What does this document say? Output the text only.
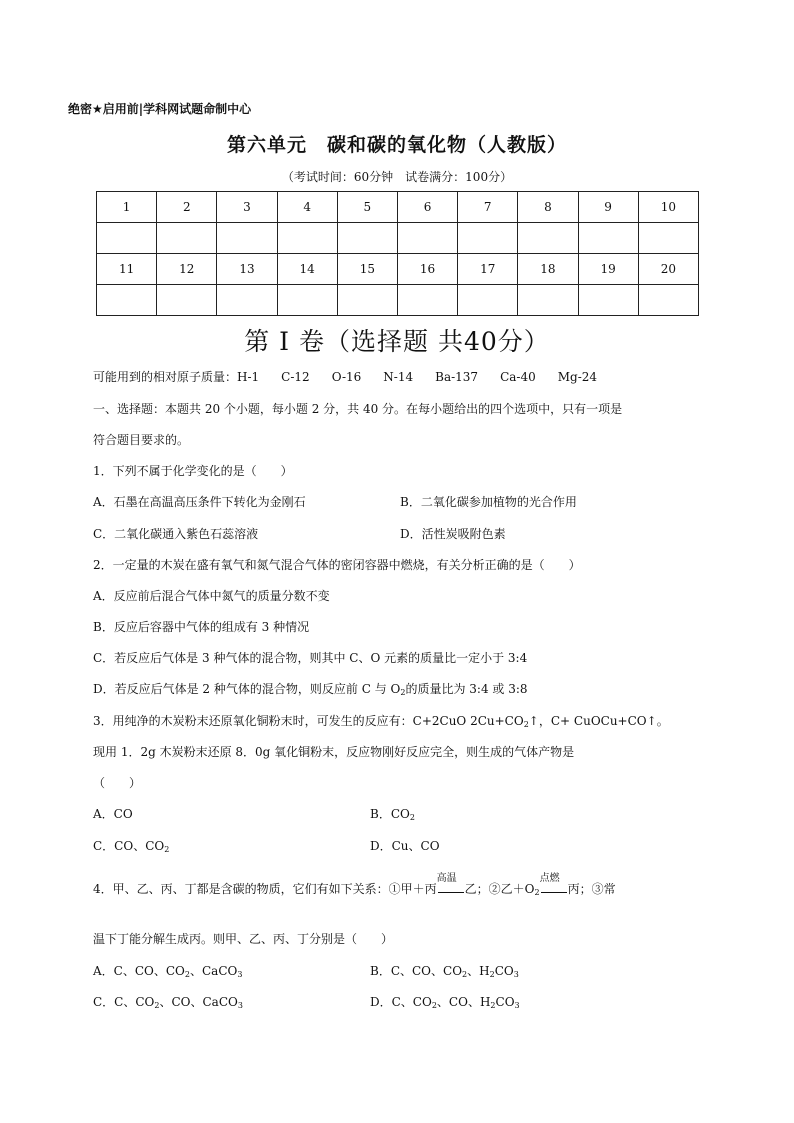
绝密★启用前|学科网试题命制中心
第六单元　碳和碳的氧化物（人教版）
（考试时间：60分钟　试卷满分：100分）
1	2	3	4	5	6	7	8	9	10

11	12	13	14	15	16	17	18	19	20

第 I 卷（选择题 共40分）
可能用到的相对原子质量：H-1 C-12 O-16 N-14 Ba-137 Ca-40 Mg-24
一、选择题：本题共 20 个小题，每小题 2 分，共 40 分。在每小题给出的四个选项中，只有一项是
符合题目要求的。
1．下列不属于化学变化的是（　　）
A．石墨在高温高压条件下转化为金刚石	B．二氧化碳参加植物的光合作用
C．二氧化碳通入紫色石蕊溶液	D．活性炭吸附色素
2．一定量的木炭在盛有氧气和氮气混合气体的密闭容器中燃烧，有关分析正确的是（　　）
A．反应前后混合气体中氮气的质量分数不变
B．反应后容器中气体的组成有 3 种情况
C．若反应后气体是 3 种气体的混合物，则其中 C、O 元素的质量比一定小于 3:4
D．若反应后气体是 2 种气体的混合物，则反应前 C 与 $O_2$的质量比为 3:4 或 3:8
3．用纯净的木炭粉末还原氧化铜粉末时，可发生的反应有：C+2CuO $2Cu+CO_2↑$，C+ CuOCu+CO↑。
现用 1．2g 木炭粉末还原 8．0g 氧化铜粉末，反应物刚好反应完全，则生成的气体产物是
（　　）
A．CO	B．$CO_2$
C．CO、$CO_2$	D．Cu、CO
4．甲、乙、丙、丁都是含碳的物质，它们有如下关系：①甲＋丙
高温
乙；②乙$+O_2$
点燃
丙；③常
温下丁能分解生成丙。则甲、乙、丙、丁分别是（　　）
A．C、CO、$CO_2$、CaCO$_3$	B．C、CO、$CO_2$、$H_2CO_3$
C．C、$CO_2$、CO、CaCO$_3$	D．C、$CO_2$、CO、$H_2CO_3$
